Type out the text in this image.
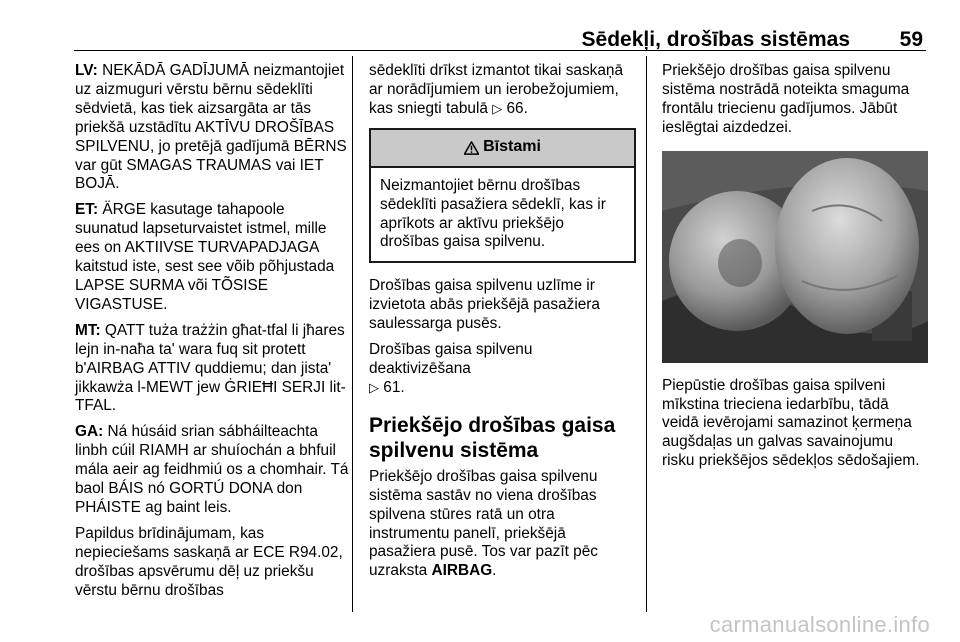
Sēdekļi, drošības sistēmas 59

LV: NEKĀDĀ GADĪJUMĀ neizmantojiet uz aizmuguri vērstu bērnu sēdeklīti sēdvietā, kas tiek aizsargāta ar tās priekšā uzstādītu AKTĪVU DROŠĪBAS SPILVENU, jo pretējā gadījumā BĒRNS var gūt SMAGAS TRAUMAS vai IET BOJĀ.

ET: ÄRGE kasutage tahapoole suunatud lapseturvaistet istmel, mille ees on AKTIIVSE TURVAPADJAGA kaitstud iste, sest see võib põhjustada LAPSE SURMA või TÕSISE VIGASTUSE.

MT: QATT tuża trażżin għat-tfal li jħares lejn in-naħa ta' wara fuq sit protett b'AIRBAG ATTIV quddiemu; dan jista' jikkawża l-MEWT jew ĠRIEĦI SERJI lit-TFAL.

GA: Ná húsáid srian sábháilteachta linbh cúil RIAMH ar shuíochán a bhfuil mála aeir ag feidhmiú os a chomhair. Tá baol BÁIS nó GORTÚ DONA don PHÁISTE ag baint leis.

Papildus brīdinājumam, kas nepieciešams saskaņā ar ECE R94.02, drošības apsvērumu dēļ uz priekšu vērstu bērnu drošības

sēdeklīti drīkst izmantot tikai saskaņā ar norādījumiem un ierobežojumiem, kas sniegti tabulā ▷ 66.

Bīstami
Neizmantojiet bērnu drošības sēdeklīti pasažiera sēdeklī, kas ir aprīkots ar aktīvu priekšējo drošības gaisa spilvenu.

Drošības gaisa spilvenu uzlīme ir izvietota abās priekšējā pasažiera saulessarga pusēs.

Drošības gaisa spilvenu deaktivizēšana
▷ 61.

Priekšējo drošības gaisa spilvenu sistēma

Priekšējo drošības gaisa spilvenu sistēma sastāv no viena drošības spilvena stūres ratā un otra instrumentu panelī, priekšējā pasažiera pusē. Tos var pazīt pēc uzraksta AIRBAG.

Priekšējo drošības gaisa spilvenu sistēma nostrādā noteikta smaguma frontālu triecienu gadījumos. Jābūt ieslēgtai aizdedzei.

Piepūstie drošības gaisa spilveni mīkstina trieciena iedarbību, tādā veidā ievērojami samazinot ķermeņa augšdaļas un galvas savainojumu risku priekšējos sēdekļos sēdošajiem.

carmanualsonline.info
